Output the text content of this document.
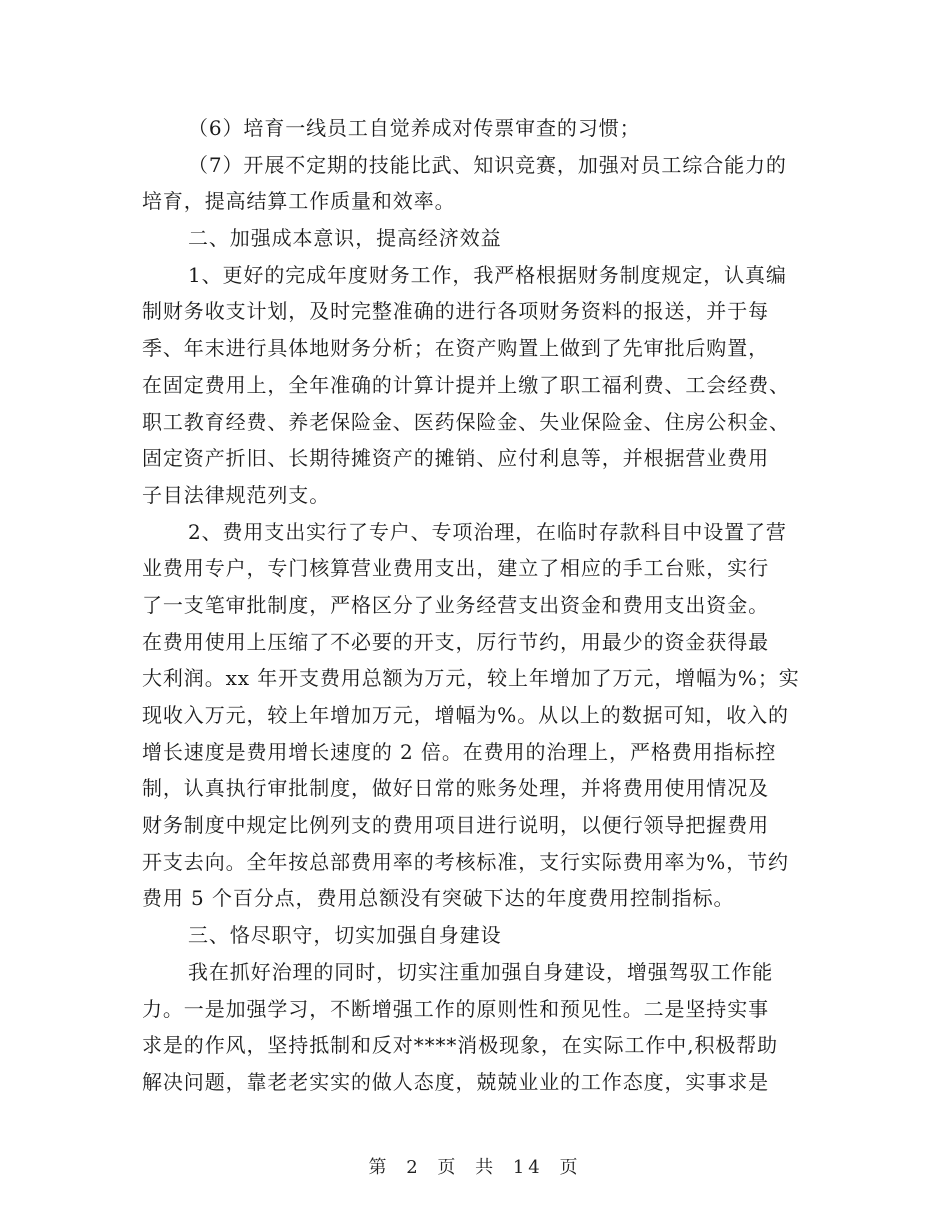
（6）培育一线员工自觉养成对传票审查的习惯；
（7）开展不定期的技能比武、知识竞赛，加强对员工综合能力的
培育，提高结算工作质量和效率。
二、加强成本意识，提高经济效益
1、更好的完成年度财务工作，我严格根据财务制度规定，认真编
制财务收支计划，及时完整准确的进行各项财务资料的报送，并于每
季、年末进行具体地财务分析；在资产购置上做到了先审批后购置，
在固定费用上，全年准确的计算计提并上缴了职工福利费、工会经费、
职工教育经费、养老保险金、医药保险金、失业保险金、住房公积金、
固定资产折旧、长期待摊资产的摊销、应付利息等，并根据营业费用
子目法律规范列支。
2、费用支出实行了专户、专项治理，在临时存款科目中设置了营
业费用专户，专门核算营业费用支出，建立了相应的手工台账，实行
了一支笔审批制度，严格区分了业务经营支出资金和费用支出资金。
在费用使用上压缩了不必要的开支，厉行节约，用最少的资金获得最
大利润。xx 年开支费用总额为万元，较上年增加了万元，增幅为%；实
现收入万元，较上年增加万元，增幅为%。从以上的数据可知，收入的
增长速度是费用增长速度的 2 倍。在费用的治理上，严格费用指标控
制，认真执行审批制度，做好日常的账务处理，并将费用使用情况及
财务制度中规定比例列支的费用项目进行说明，以便行领导把握费用
开支去向。全年按总部费用率的考核标准，支行实际费用率为%，节约
费用 5 个百分点，费用总额没有突破下达的年度费用控制指标。
三、恪尽职守，切实加强自身建设
我在抓好治理的同时，切实注重加强自身建设，增强驾驭工作能
力。一是加强学习，不断增强工作的原则性和预见性。二是坚持实事
求是的作风，坚持抵制和反对****消极现象，在实际工作中,积极帮助
解决问题，靠老老实实的做人态度，兢兢业业的工作态度，实事求是
第 2 页 共 14 页
